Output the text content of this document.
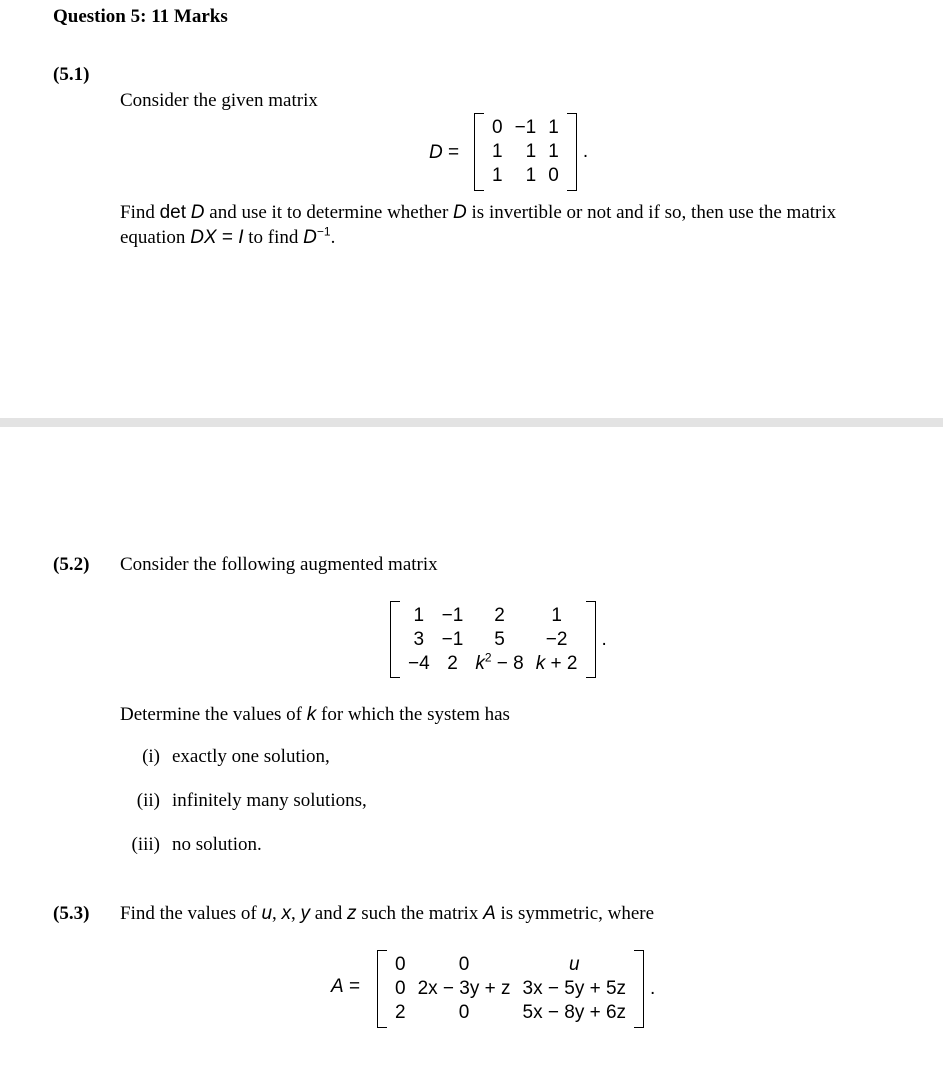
Question 5: 11 Marks
(5.1)
Consider the given matrix
D =
0	−1	1
1	1	1
1	1	0
.
Find det D and use it to determine whether D is invertible or not and if so, then use the matrix
equation DX = I to find $D^{-1}$.
(5.2) Consider the following augmented matrix
1	−1	2	1
3	−1	5	−2
−4	2	$k^2 - 8$	k + 2
.
Determine the values of k for which the system has
(i) exactly one solution,
(ii) infinitely many solutions,
(iii) no solution.
(5.3) Find the values of u, x, y and z such the matrix A is symmetric, where
A =
0	0	u
0	2x − 3y + z	3x − 5y + 5z
2	0	5x − 8y + 6z
.
